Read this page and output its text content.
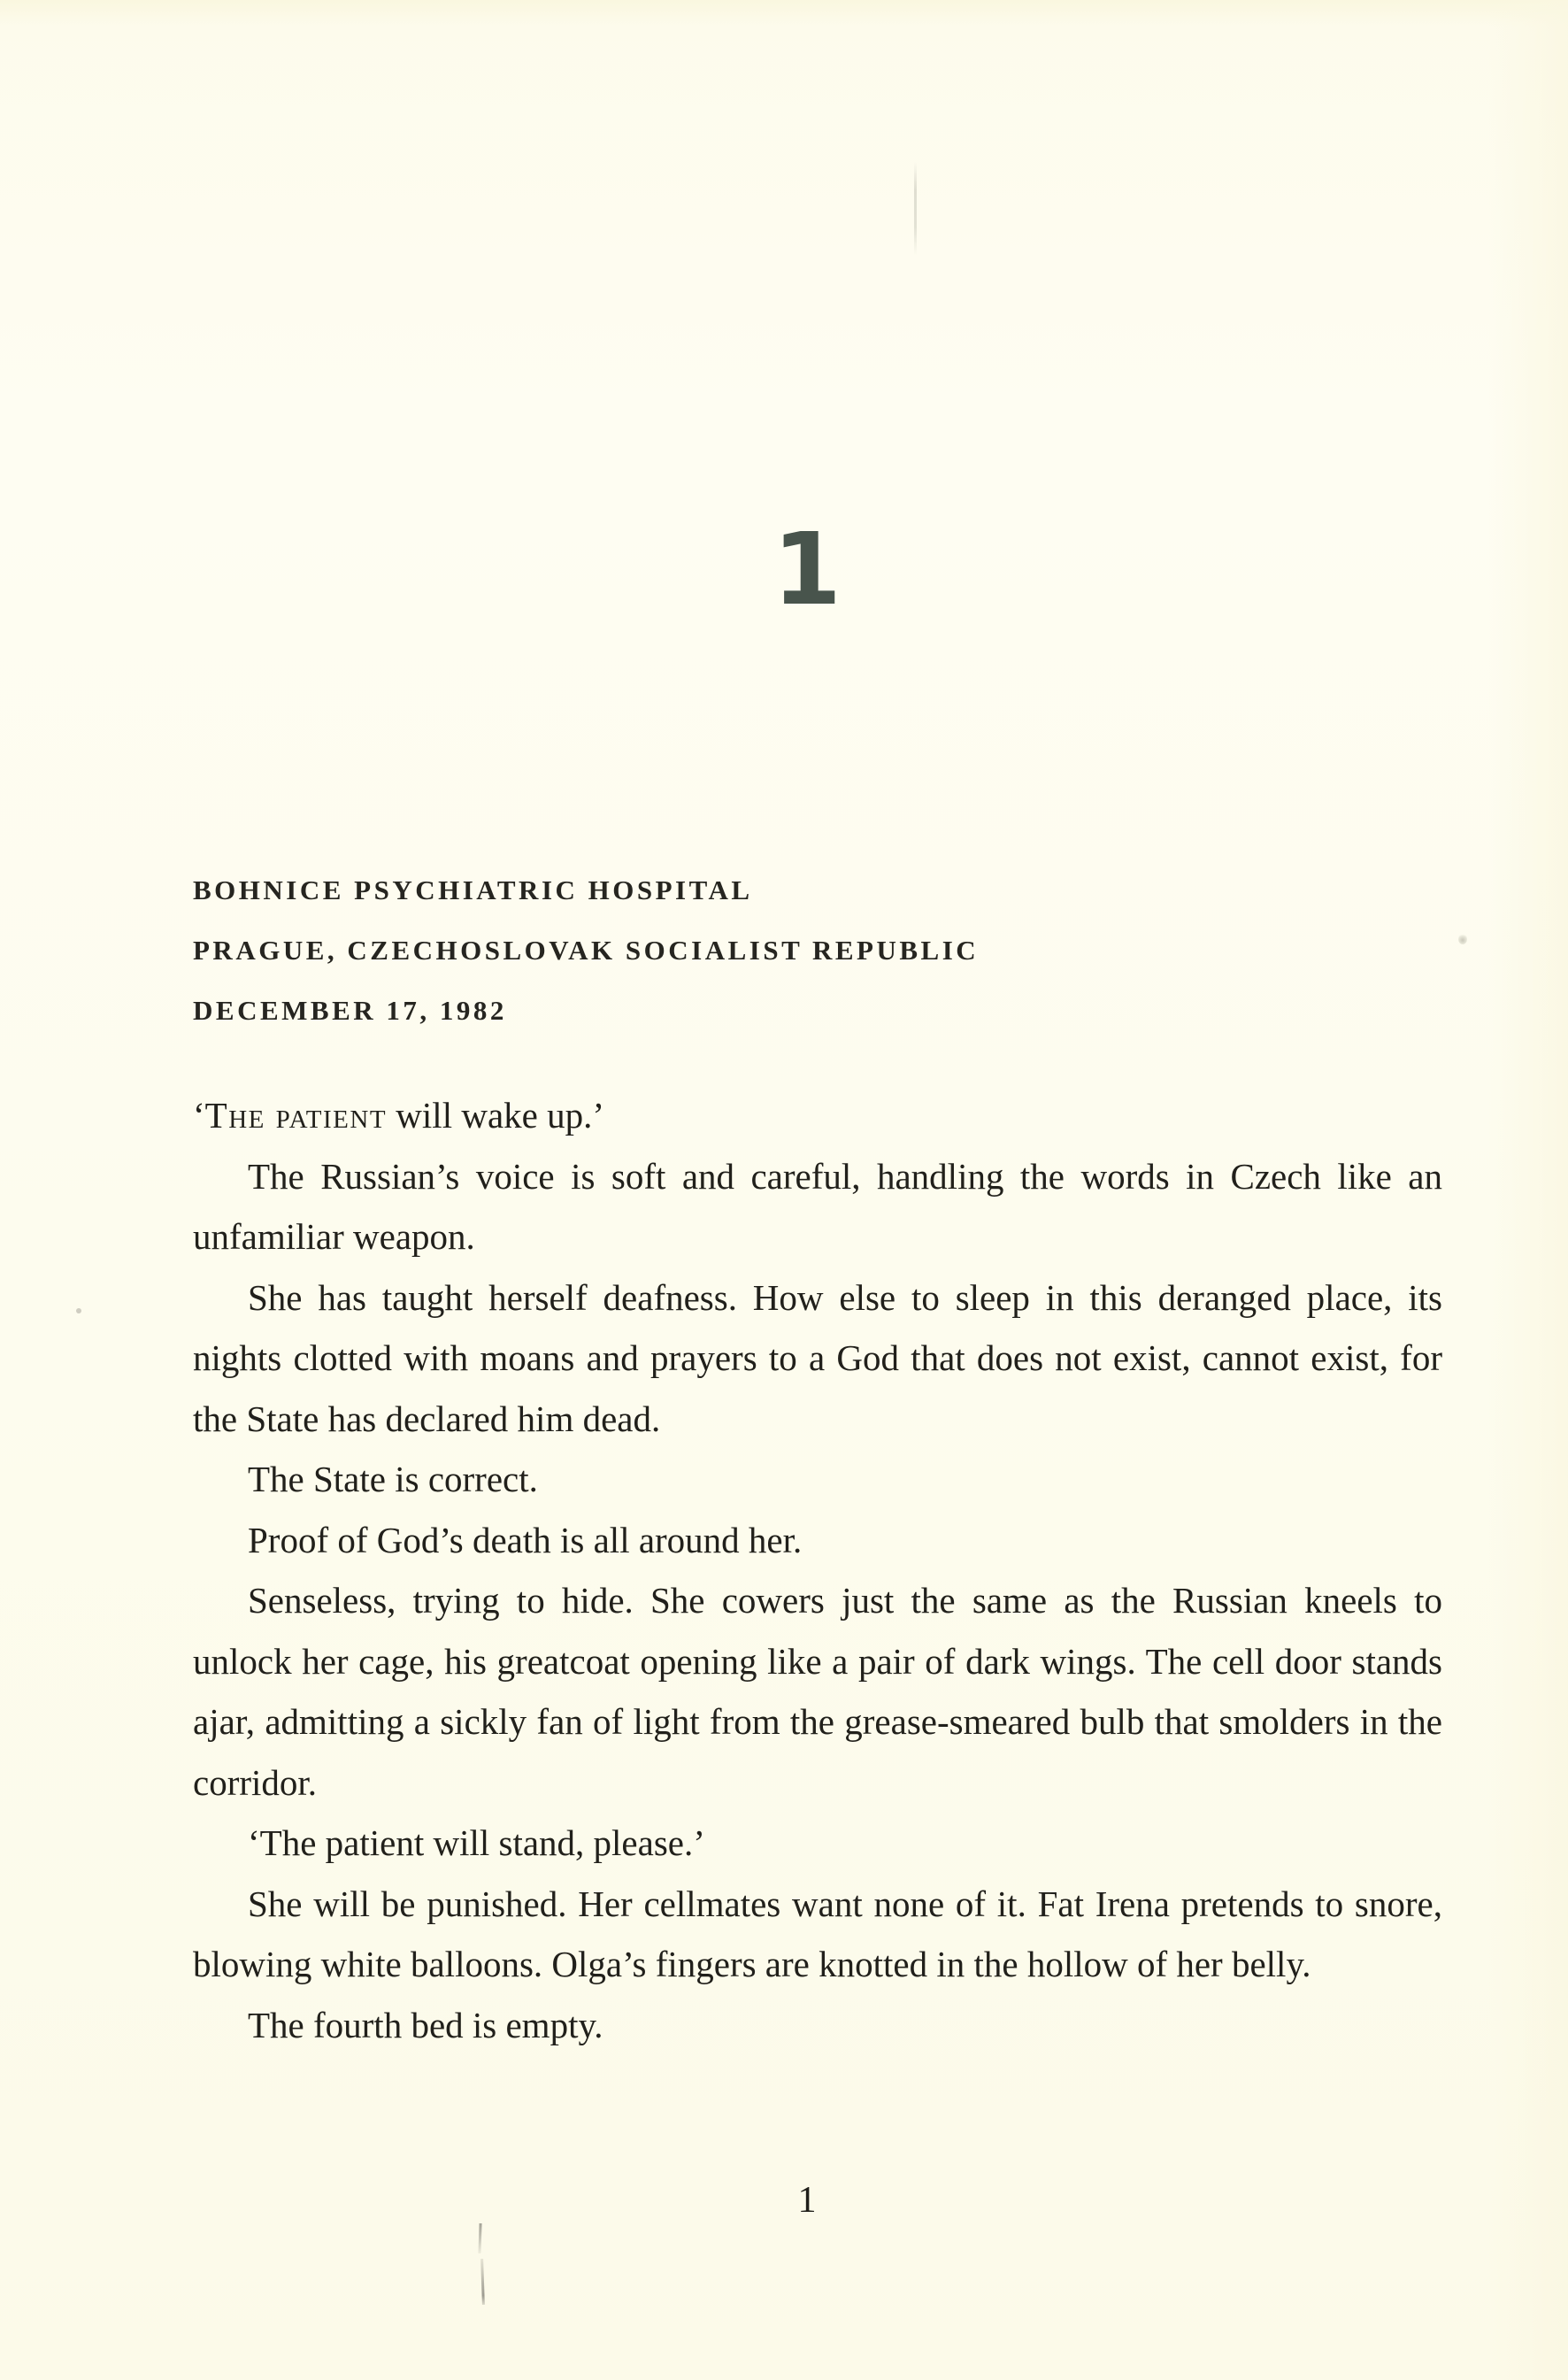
1
BOHNICE PSYCHIATRIC HOSPITAL
PRAGUE, CZECHOSLOVAK SOCIALIST REPUBLIC
DECEMBER 17, 1982

‘The patient will wake up.’

The Russian’s voice is soft and careful, handling the words in Czech like an unfamiliar weapon.

She has taught herself deafness. How else to sleep in this deranged place, its nights clotted with moans and prayers to a God that does not exist, cannot exist, for the State has declared him dead.

The State is correct.

Proof of God’s death is all around her.

Senseless, trying to hide. She cowers just the same as the Russian kneels to unlock her cage, his greatcoat opening like a pair of dark wings. The cell door stands ajar, admitting a sickly fan of light from the grease-smeared bulb that smolders in the corridor.

‘The patient will stand, please.’

She will be punished. Her cellmates want none of it. Fat Irena pretends to snore, blowing white balloons. Olga’s fingers are knotted in the hollow of her belly.

The fourth bed is empty.

1
